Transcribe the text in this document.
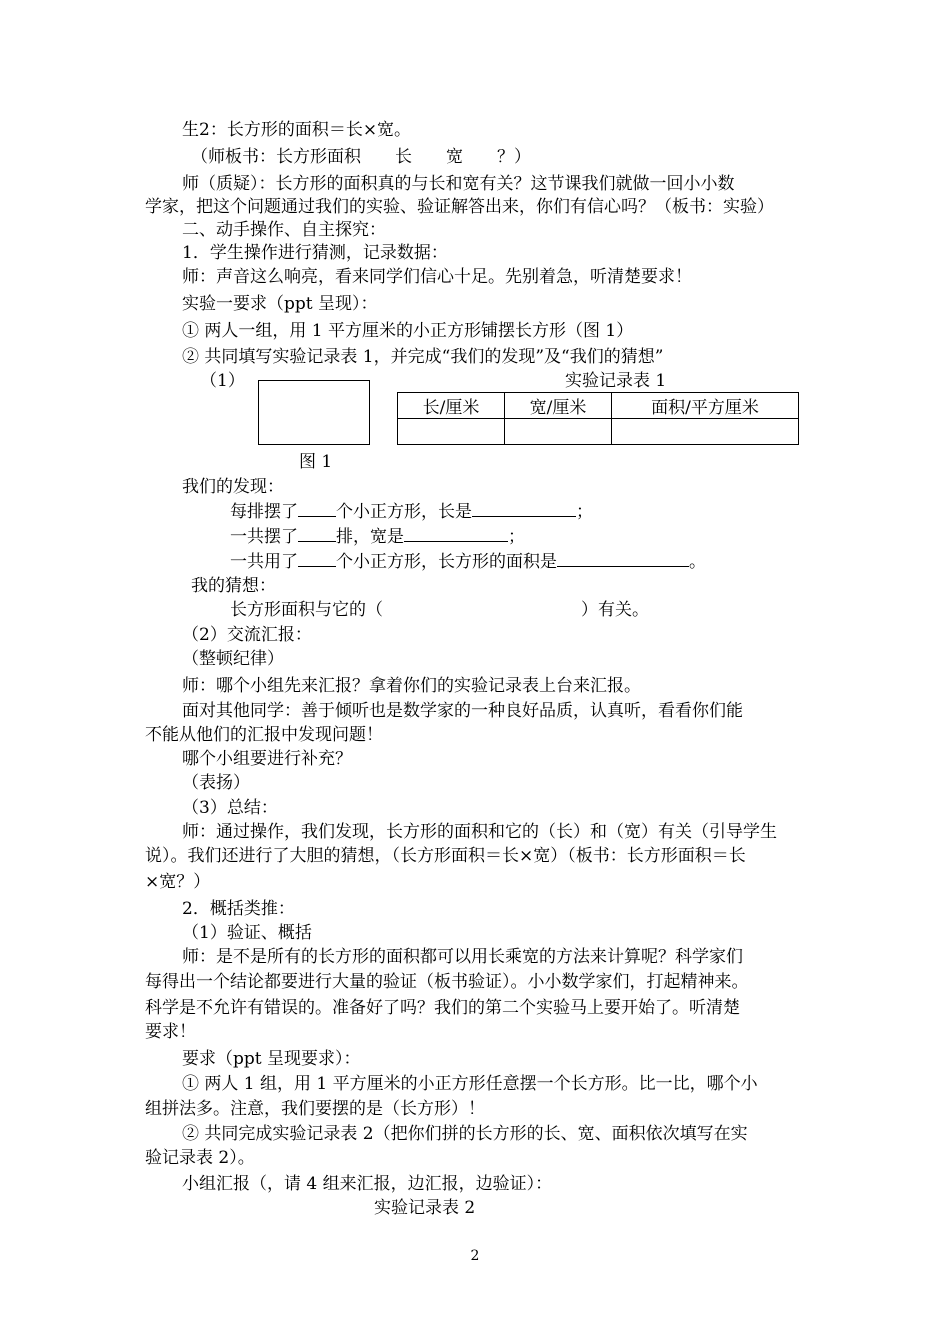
生2：长方形的面积＝长×宽。
（师板书：长方形面积　　长　　宽　　？）
师（质疑）：长方形的面积真的与长和宽有关？这节课我们就做一回小小数
学家，把这个问题通过我们的实验、验证解答出来，你们有信心吗？（板书：实验）
二、动手操作、自主探究：
1．学生操作进行猜测，记录数据：
师：声音这么响亮，看来同学们信心十足。先别着急，听清楚要求！
实验一要求（ppt 呈现）：
① 两人一组，用 1 平方厘米的小正方形铺摆长方形（图 1）
② 共同填写实验记录表 1，并完成“我们的发现”及“我们的猜想”
（1）
图 1
实验记录表 1
长/厘米	宽/厘米	面积/平方厘米

我们的发现：
每排摆了 个小正方形，长是	；
一共摆了 排，宽是	；
一共用了 个小正方形，长方形的面积是	。
我的猜想：
长方形面积与它的（	）有关。
（2）交流汇报：
（整顿纪律）
师：哪个小组先来汇报？拿着你们的实验记录表上台来汇报。
面对其他同学：善于倾听也是数学家的一种良好品质，认真听，看看你们能
不能从他们的汇报中发现问题！
哪个小组要进行补充？
（表扬）
（3）总结：
师：通过操作，我们发现，长方形的面积和它的（长）和（宽）有关（引导学生
说）。我们还进行了大胆的猜想，（长方形面积＝长×宽）（板书：长方形面积＝长
×宽？）
2．概括类推：
（1）验证、概括
师：是不是所有的长方形的面积都可以用长乘宽的方法来计算呢？科学家们
每得出一个结论都要进行大量的验证（板书验证）。小小数学家们，打起精神来。
科学是不允许有错误的。准备好了吗？我们的第二个实验马上要开始了。听清楚
要求！
要求（ppt 呈现要求）：
① 两人 1 组，用 1 平方厘米的小正方形任意摆一个长方形。比一比，哪个小
组拼法多。注意，我们要摆的是（长方形）！
② 共同完成实验记录表 2（把你们拼的长方形的长、宽、面积依次填写在实
验记录表 2）。
小组汇报（，请 4 组来汇报，边汇报，边验证）：
实验记录表 2
2
